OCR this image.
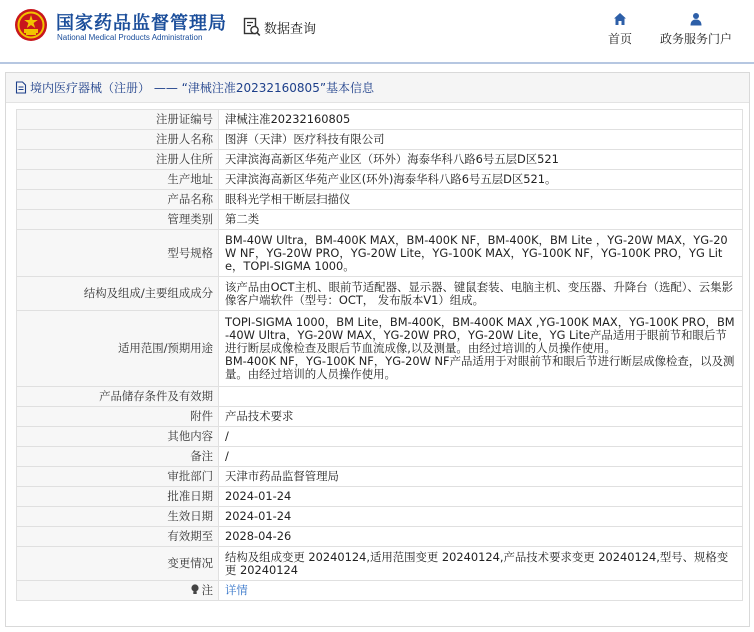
国家药品监督管理局
National Medical Products Administration
数据查询
首页 政务服务门户
境内医疗器械（注册） —— “津械注准20232160805”基本信息
注册证编号	津械注准20232160805
注册人名称	图湃（天津）医疗科技有限公司
注册人住所	天津滨海高新区华苑产业区（环外）海泰华科八路6号五层D区521
生产地址	天津滨海高新区华苑产业区(环外)海泰华科八路6号五层D区521。
产品名称	眼科光学相干断层扫描仪
管理类别	第二类
型号规格	BM-40W Ultra，BM-400K MAX，BM-400K NF，BM-400K，BM Lite ，YG-20W MAX，YG-20W NF，YG-20W PRO，YG-20W Lite，YG-100K MAX，YG-100K NF，YG-100K PRO，YG Lite，TOPI-SIGMA 1000。
结构及组成/主要组成成分	该产品由OCT主机、眼前节适配器、显示器、键鼠套装、电脑主机、变压器、升降台（选配）、云集影像客户端软件（型号：OCT， 发布版本V1）组成。
适用范围/预期用途	TOPI-SIGMA 1000，BM Lite，BM-400K，BM-400K MAX ,YG-100K MAX，YG-100K PRO，BM-40W Ultra，YG-20W MAX，YG-20W PRO，YG-20W Lite，YG Lite产品适用于眼前节和眼后节进行断层成像检查及眼后节血流成像,以及测量。由经过培训的人员操作使用。
BM-400K NF，YG-100K NF，YG-20W NF产品适用于对眼前节和眼后节进行断层成像检查，以及测量。由经过培训的人员操作使用。
产品储存条件及有效期	
附件	产品技术要求
其他内容	/
备注	/
审批部门	天津市药品监督管理局
批准日期	2024-01-24
生效日期	2024-01-24
有效期至	2028-04-26
变更情况	结构及组成变更 20240124,适用范围变更 20240124,产品技术要求变更 20240124,型号、规格变更 20240124
注	详情
